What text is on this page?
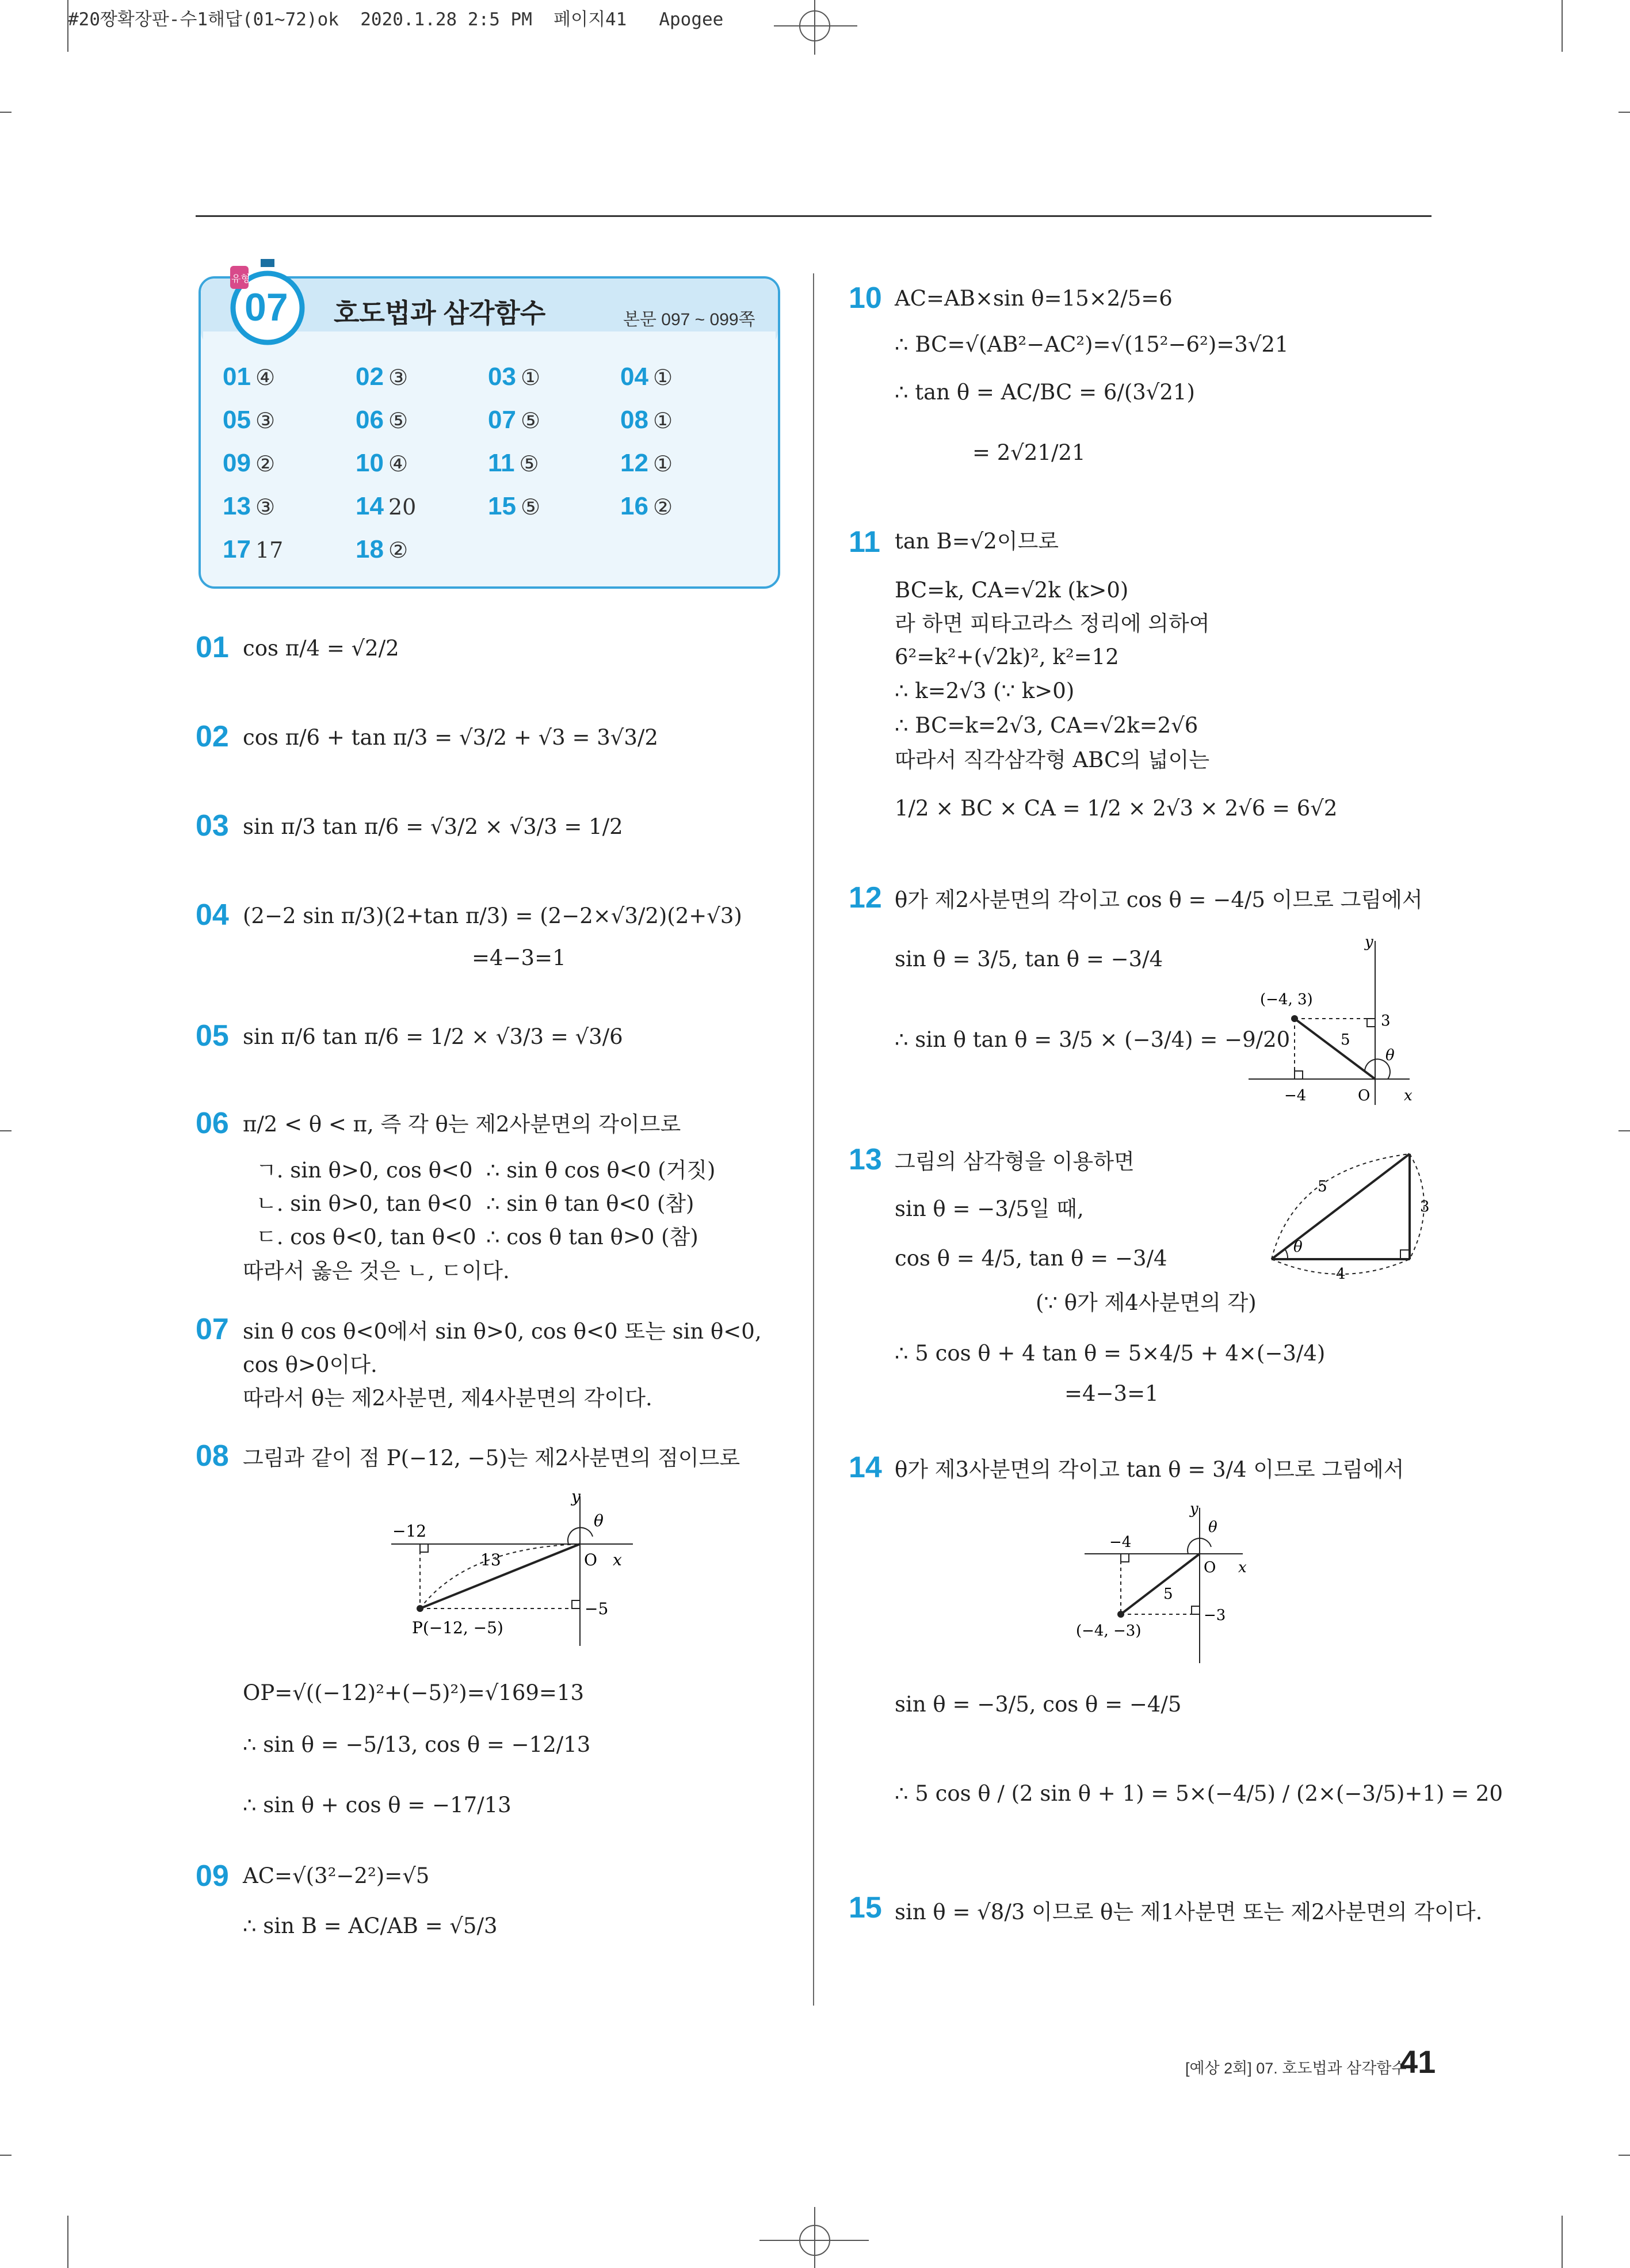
#20짱확장판-수1해답(01~72)ok  2020.1.28 2:5 PM  페이지41   Apogee
유형
07 호도법과 삼각함수	본문 097 ~ 099쪽
01 ④	02 ③	03 ①	04 ①
05 ③	06 ⑤	07 ⑤	08 ①
09 ②	10 ④	11 ⑤	12 ①
13 ③	14 20	15 ⑤	16 ②
17 17	18 ②
01 cos π/4 = √2/2
02 cos π/6 + tan π/3 = √3/2 + √3 = 3√3/2
03 sin π/3 tan π/6 = √3/2 × √3/3 = 1/2
04 (2−2 sin π/3)(2+tan π/3) = (2−2×√3/2)(2+√3)
=4−3=1
05 sin π/6 tan π/6 = 1/2 × √3/3 = √3/6
06 π/2 < θ < π, 즉 각 θ는 제2사분면의 각이므로
ㄱ. sin θ>0, cos θ<0 ∴ sin θ cos θ<0 (거짓)
ㄴ. sin θ>0, tan θ<0 ∴ sin θ tan θ<0 (참)
ㄷ. cos θ<0, tan θ<0 ∴ cos θ tan θ>0 (참)
따라서 옳은 것은 ㄴ, ㄷ이다.
07 sin θ cos θ<0에서 sin θ>0, cos θ<0 또는 sin θ<0,
cos θ>0이다.
따라서 θ는 제2사분면, 제4사분면의 각이다.
08 그림과 같이 점 P(−12, −5)는 제2사분면의 점이므로
y
θ
O x
−12
13
−5
P(−12, −5)
OP=√((−12)²+(−5)²)=√169=13
∴ sin θ = −5/13, cos θ = −12/13
∴ sin θ + cos θ = −17/13
09 AC=√(3²−2²)=√5
∴ sin B = AC/AB = √5/3
10 AC=AB×sin θ=15×2/5=6
∴ BC=√(AB²−AC²)=√(15²−6²)=3√21
∴ tan θ = AC/BC = 6/(3√21)
= 2√21/21
11 tan B=√2이므로
BC=k, CA=√2k (k>0)
라 하면 피타고라스 정리에 의하여
6²=k²+(√2k)², k²=12
∴ k=2√3 (∵ k>0)
∴ BC=k=2√3, CA=√2k=2√6
따라서 직각삼각형 ABC의 넓이는
1/2 × BC × CA = 1/2 × 2√3 × 2√6 = 6√2
12 θ가 제2사분면의 각이고 cos θ = −4/5 이므로 그림에서
sin θ = 3/5, tan θ = −3/4
∴ sin θ tan θ = 3/5 × (−3/4) = −9/20
y
(−4, 3)
3
5
θ
−4	O x
13 그림의 삼각형을 이용하면
sin θ = −3/5일 때,
cos θ = 4/5, tan θ = −3/4
(∵ θ가 제4사분면의 각)
∴ 5 cos θ + 4 tan θ = 5×4/5 + 4×(−3/4)
=4−3=1
5
3
4
θ
14 θ가 제3사분면의 각이고 tan θ = 3/4 이므로 그림에서
y
θ
−4
O x
5
−3
(−4, −3)
sin θ = −3/5, cos θ = −4/5
∴ 5 cos θ / (2 sin θ + 1) = 5×(−4/5) / (2×(−3/5)+1) = 20
15 sin θ = √8/3 이므로 θ는 제1사분면 또는 제2사분면의 각이다.
[예상 2회] 07. 호도법과 삼각함수
41
